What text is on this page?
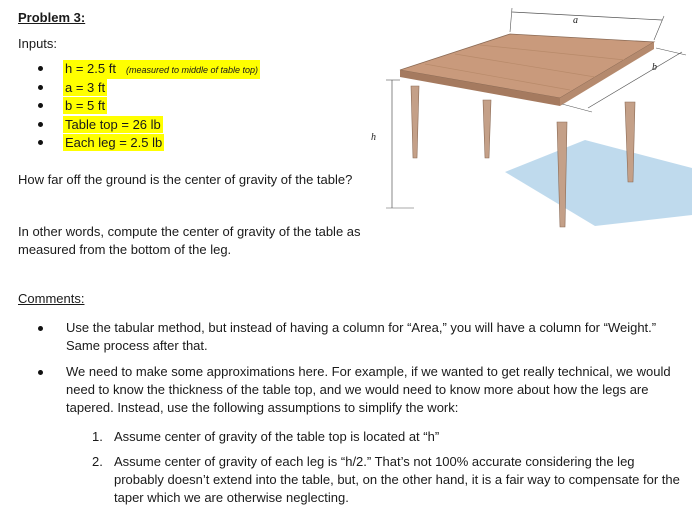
Problem 3:
Inputs:
h = 2.5 ft (measured to middle of table top)
a = 3 ft
b = 5 ft
Table top = 26 lb
Each leg = 2.5 lb
How far off the ground is the center of gravity of the table?
In other words, compute the center of gravity of the table as measured from the bottom of the leg.
a
b
h
Comments:
Use the tabular method, but instead of having a column for “Area,” you will have a column for “Weight.” Same process after that.
We need to make some approximations here. For example, if we wanted to get really technical, we would need to know the thickness of the table top, and we would need to know more about how the legs are tapered. Instead, use the following assumptions to simplify the work:
1. Assume center of gravity of the table top is located at “h”
2. Assume center of gravity of each leg is “h/2.” That’s not 100% accurate considering the leg probably doesn’t extend into the table, but, on the other hand, it is a fair way to compensate for the taper which we are otherwise neglecting.
